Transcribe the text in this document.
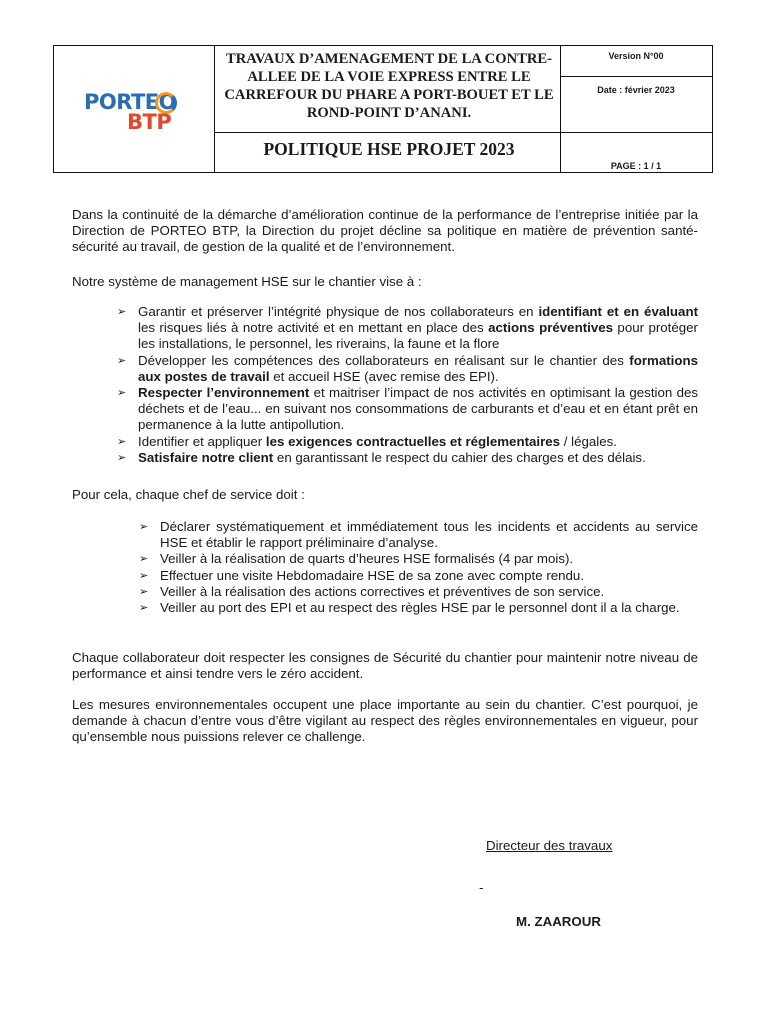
PORTEO
BTP
TRAVAUX D’AMENAGEMENT DE LA CONTRE-ALLEE DE LA VOIE EXPRESS ENTRE LE CARREFOUR DU PHARE A PORT-BOUET ET LE ROND-POINT D’ANANI.
POLITIQUE HSE PROJET 2023
Version N°00
Date : février 2023
PAGE : 1 / 1

Dans la continuité de la démarche d’amélioration continue de la performance de l’entreprise initiée par la Direction de PORTEO BTP, la Direction du projet décline sa politique en matière de prévention santé-sécurité au travail, de gestion de la qualité et de l’environnement.

Notre système de management HSE sur le chantier vise à :

➢ Garantir et préserver l’intégrité physique de nos collaborateurs en identifiant et en évaluant les risques liés à notre activité et en mettant en place des actions préventives pour protéger les installations, le personnel, les riverains, la faune et la flore
➢ Développer les compétences des collaborateurs en réalisant sur le chantier des formations aux postes de travail et accueil HSE (avec remise des EPI).
➢ Respecter l’environnement et maitriser l’impact de nos activités en optimisant la gestion des déchets et de l’eau... en suivant nos consommations de carburants et d’eau et en étant prêt en permanence à la lutte antipollution.
➢ Identifier et appliquer les exigences contractuelles et réglementaires / légales.
➢ Satisfaire notre client en garantissant le respect du cahier des charges et des délais.

Pour cela, chaque chef de service doit :

➢ Déclarer systématiquement et immédiatement tous les incidents et accidents au service HSE et établir le rapport préliminaire d’analyse.
➢ Veiller à la réalisation de quarts d’heures HSE formalisés (4 par mois).
➢ Effectuer une visite Hebdomadaire HSE de sa zone avec compte rendu.
➢ Veiller à la réalisation des actions correctives et préventives de son service.
➢ Veiller au port des EPI et au respect des règles HSE par le personnel dont il a la charge.

Chaque collaborateur doit respecter les consignes de Sécurité du chantier pour maintenir notre niveau de performance et ainsi tendre vers le zéro accident.

Les mesures environnementales occupent une place importante au sein du chantier. C’est pourquoi, je demande à chacun d’entre vous d’être vigilant au respect des règles environnementales en vigueur, pour qu’ensemble nous puissions relever ce challenge.

Directeur des travaux
-
M. ZAAROUR
